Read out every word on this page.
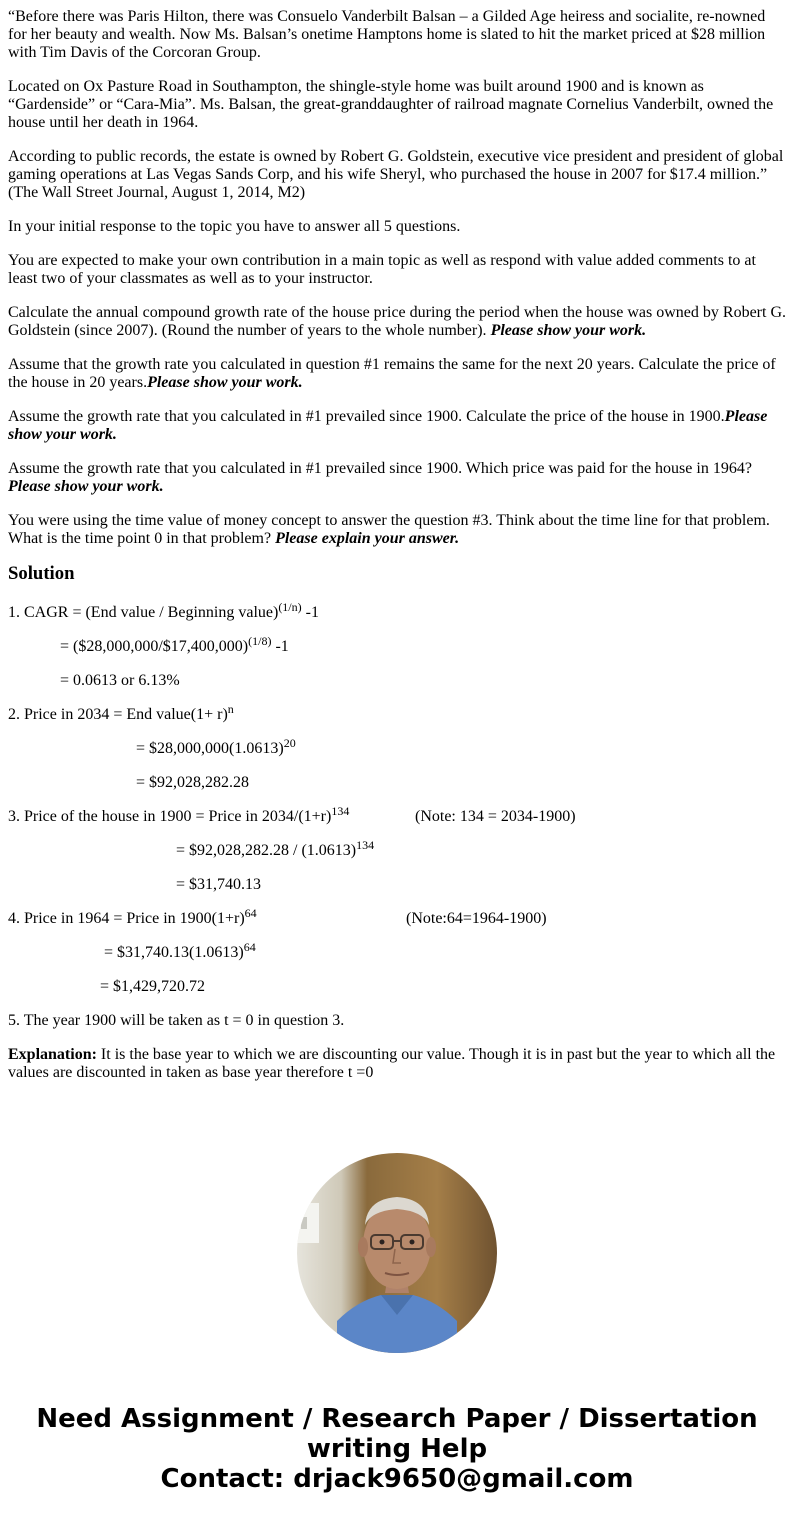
“Before there was Paris Hilton, there was Consuelo Vanderbilt Balsan – a Gilded Age heiress and socialite, re-nowned for her beauty and wealth. Now Ms. Balsan’s onetime Hamptons home is slated to hit the market priced at $28 million with Tim Davis of the Corcoran Group.

Located on Ox Pasture Road in Southampton, the shingle-style home was built around 1900 and is known as “Gardenside” or “Cara-Mia”. Ms. Balsan, the great-granddaughter of railroad magnate Cornelius Vanderbilt, owned the house until her death in 1964.

According to public records, the estate is owned by Robert G. Goldstein, executive vice president and president of global gaming operations at Las Vegas Sands Corp, and his wife Sheryl, who purchased the house in 2007 for $17.4 million.” (The Wall Street Journal, August 1, 2014, M2)

In your initial response to the topic you have to answer all 5 questions.

You are expected to make your own contribution in a main topic as well as respond with value added comments to at least two of your classmates as well as to your instructor.

Calculate the annual compound growth rate of the house price during the period when the house was owned by Robert G. Goldstein (since 2007). (Round the number of years to the whole number). Please show your work.

Assume that the growth rate you calculated in question #1 remains the same for the next 20 years. Calculate the price of the house in 20 years.Please show your work.

Assume the growth rate that you calculated in #1 prevailed since 1900. Calculate the price of the house in 1900.Please show your work.

Assume the growth rate that you calculated in #1 prevailed since 1900. Which price was paid for the house in 1964? Please show your work.

You were using the time value of money concept to answer the question #3. Think about the time line for that problem. What is the time point 0 in that problem? Please explain your answer.

Solution
1. CAGR = (End value / Beginning value)$^{(1/n)}$ -1
= ($28,000,000/$17,400,000)$^{(1/8)}$ -1
= 0.0613 or 6.13%
2. Price in 2034 = End value(1+ r)$^n$
= $\$28,000,000(1.0613)^{20}$
= $92,028,282.28
3. Price of the house in 1900 = Price in $2034/(1+r)^{134}$	(Note: 134 = 2034-1900)
= $92,028,282.28 / $(1.0613)^{134}$
= $31,740.13
4. Price in 1964 = Price in $1900(1+r)^{64}$	(Note:64=1964-1900)
= $\$31,740.13(1.0613)^{64}$
= $1,429,720.72
5. The year 1900 will be taken as t = 0 in question 3.

Explanation: It is the base year to which we are discounting our value. Though it is in past but the year to which all the values are discounted in taken as base year therefore t =0

Need Assignment / Research Paper / Dissertation
writing Help
Contact: drjack9650@gmail.com
